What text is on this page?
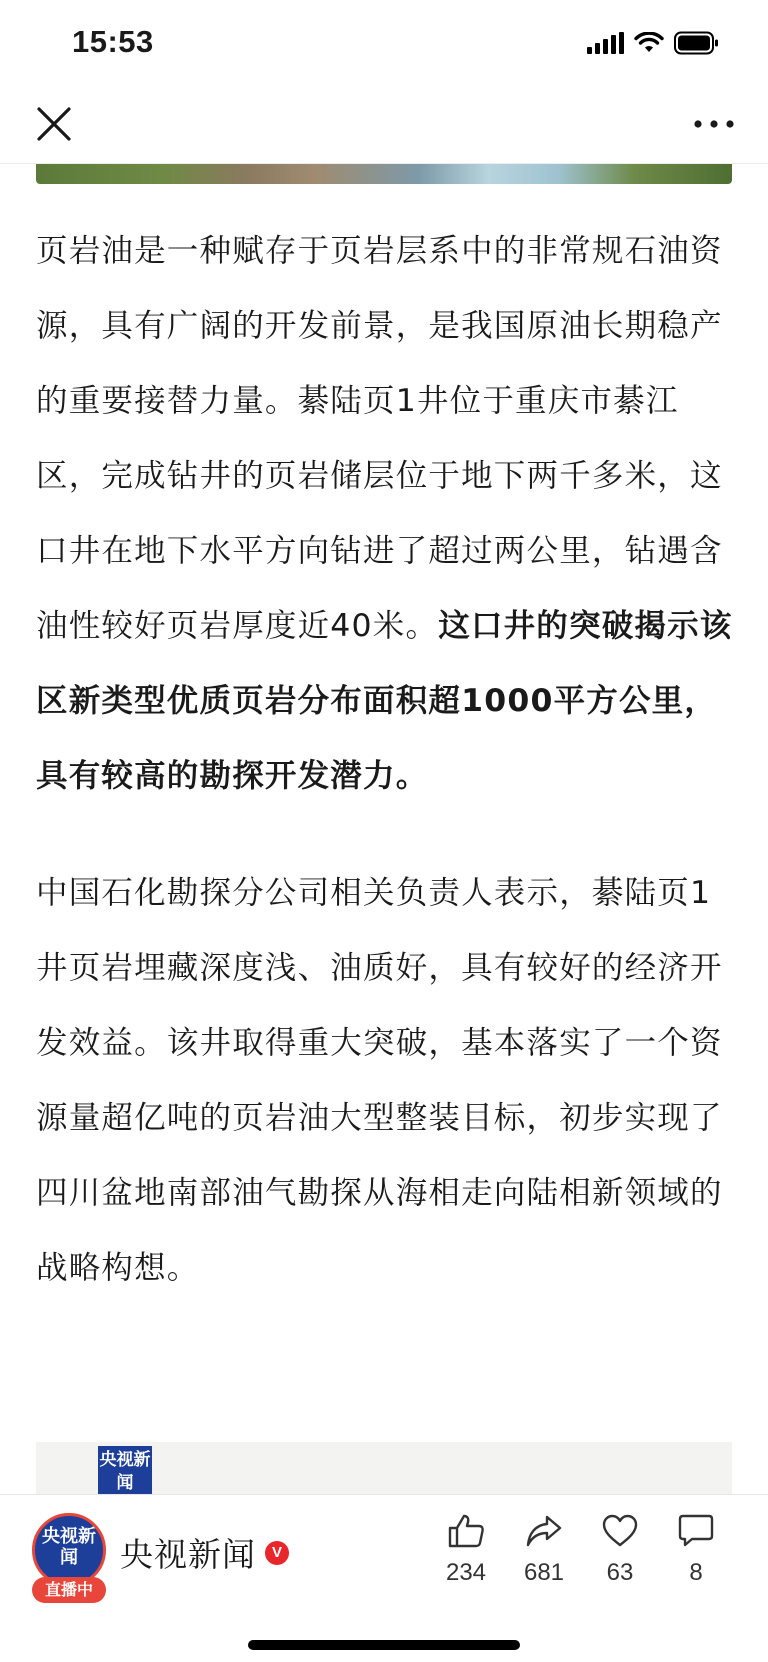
15:53

页岩油是一种赋存于页岩层系中的非常规石油资源，具有广阔的开发前景，是我国原油长期稳产的重要接替力量。綦陆页1井位于重庆市綦江区，完成钻井的页岩储层位于地下两千多米，这口井在地下水平方向钻进了超过两公里，钻遇含油性较好页岩厚度近40米。这口井的突破揭示该区新类型优质页岩分布面积超1000平方公里，具有较高的勘探开发潜力。

中国石化勘探分公司相关负责人表示，綦陆页1井页岩埋藏深度浅、油质好，具有较好的经济开发效益。该井取得重大突破，基本落实了一个资源量超亿吨的页岩油大型整装目标，初步实现了四川盆地南部油气勘探从海相走向陆相新领域的战略构想。

央视新闻
央视新闻
直播中
央视新闻	V
234	681	63	8
